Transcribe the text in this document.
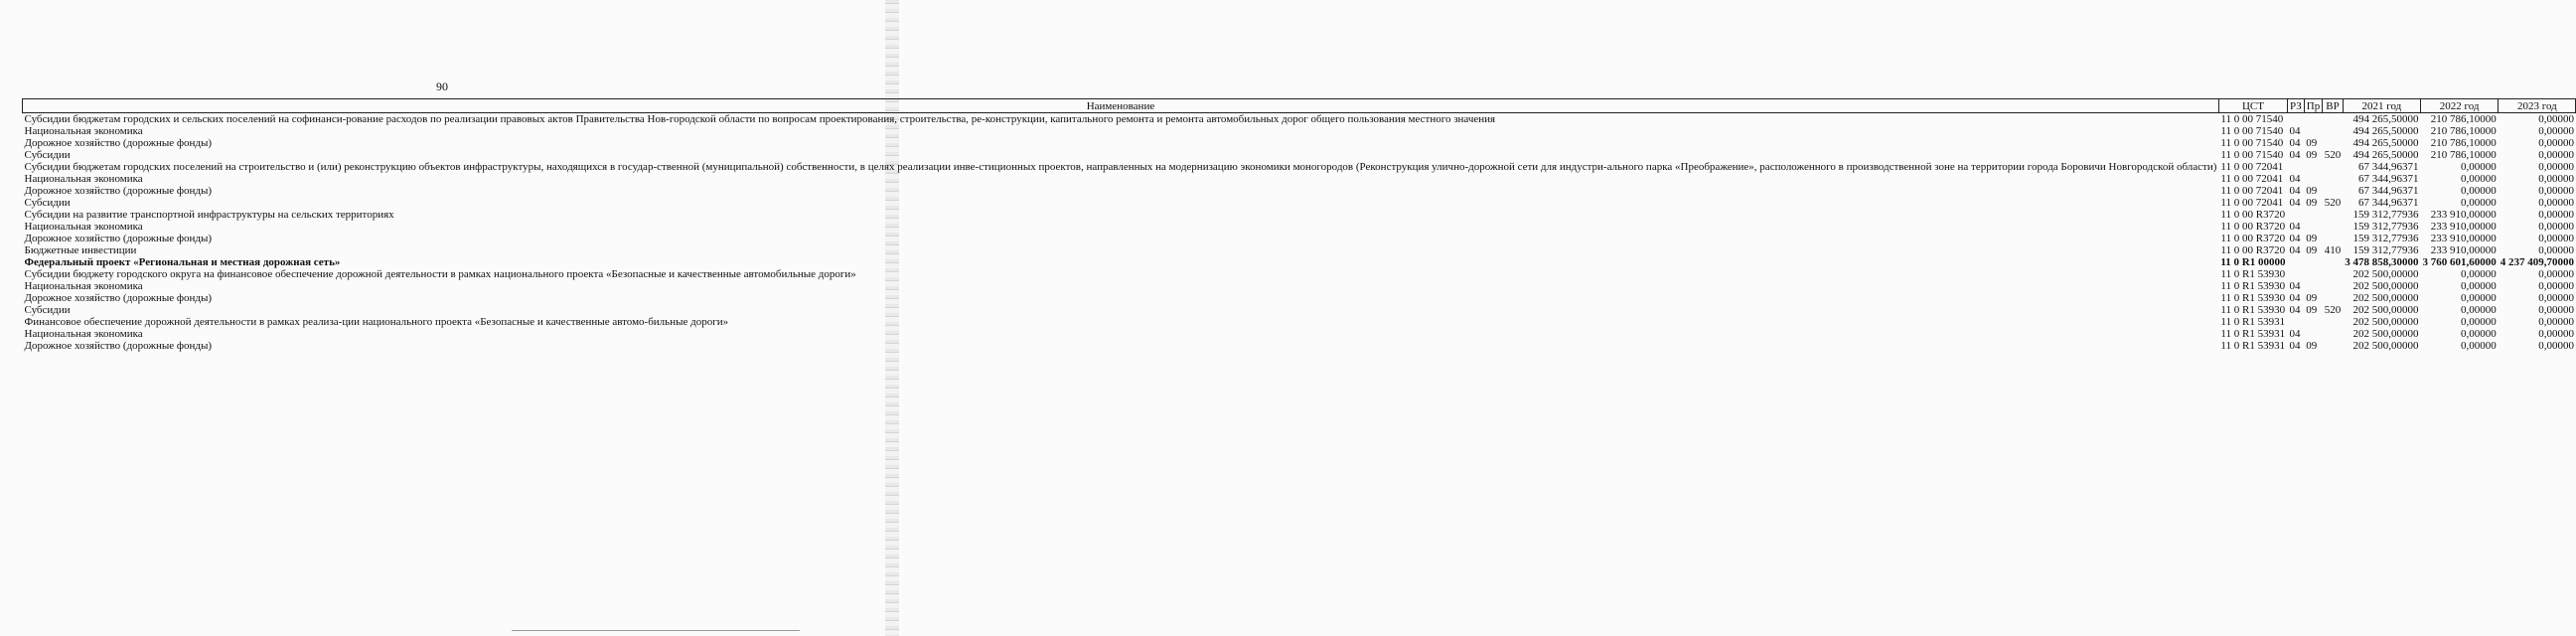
90
Наименование	ЦСТ	РЗ	Пр	ВР	2021 год	2022 год	2023 год
Субсидии бюджетам городских и сельских поселений на софинанси-рование расходов по реализации правовых актов Правительства Нов-городской области по вопросам проектирования, строительства, ре-конструкции, капитального ремонта и ремонта автомобильных дорог общего пользования местного значения	11 0 00 71540				494 265,50000	210 786,10000	0,00000
Национальная экономика	11 0 00 71540	04			494 265,50000	210 786,10000	0,00000
Дорожное хозяйство (дорожные фонды)	11 0 00 71540	04	09		494 265,50000	210 786,10000	0,00000
Субсидии	11 0 00 71540	04	09	520	494 265,50000	210 786,10000	0,00000
Субсидии бюджетам городских поселений на строительство и (или) реконструкцию объектов инфраструктуры, находящихся в государ-ственной (муниципальной) собственности, в целях реализации инве-стиционных проектов, направленных на модернизацию экономики моногородов (Реконструкция улично-дорожной сети для индустри-ального парка «Преображение», расположенного в производственной зоне на территории города Боровичи Новгородской области)	11 0 00 72041				67 344,96371	0,00000	0,00000
Национальная экономика	11 0 00 72041	04			67 344,96371	0,00000	0,00000
Дорожное хозяйство (дорожные фонды)	11 0 00 72041	04	09		67 344,96371	0,00000	0,00000
Субсидии	11 0 00 72041	04	09	520	67 344,96371	0,00000	0,00000
Субсидии на развитие транспортной инфраструктуры на сельских территориях	11 0 00 R3720				159 312,77936	233 910,00000	0,00000
Национальная экономика	11 0 00 R3720	04			159 312,77936	233 910,00000	0,00000
Дорожное хозяйство (дорожные фонды)	11 0 00 R3720	04	09		159 312,77936	233 910,00000	0,00000
Бюджетные инвестиции	11 0 00 R3720	04	09	410	159 312,77936	233 910,00000	0,00000
Федеральный проект «Региональная и местная дорожная сеть»	11 0 R1 00000				3 478 858,30000	3 760 601,60000	4 237 409,70000
Субсидии бюджету городского округа на финансовое обеспечение дорожной деятельности в рамках национального проекта «Безопасные и качественные автомобильные дороги»	11 0 R1 53930				202 500,00000	0,00000	0,00000
Национальная экономика	11 0 R1 53930	04			202 500,00000	0,00000	0,00000
Дорожное хозяйство (дорожные фонды)	11 0 R1 53930	04	09		202 500,00000	0,00000	0,00000
Субсидии	11 0 R1 53930	04	09	520	202 500,00000	0,00000	0,00000
Финансовое обеспечение дорожной деятельности в рамках реализа-ции национального проекта «Безопасные и качественные автомо-бильные дороги»	11 0 R1 53931				202 500,00000	0,00000	0,00000
Национальная экономика	11 0 R1 53931	04			202 500,00000	0,00000	0,00000
Дорожное хозяйство (дорожные фонды)	11 0 R1 53931	04	09		202 500,00000	0,00000	0,00000
